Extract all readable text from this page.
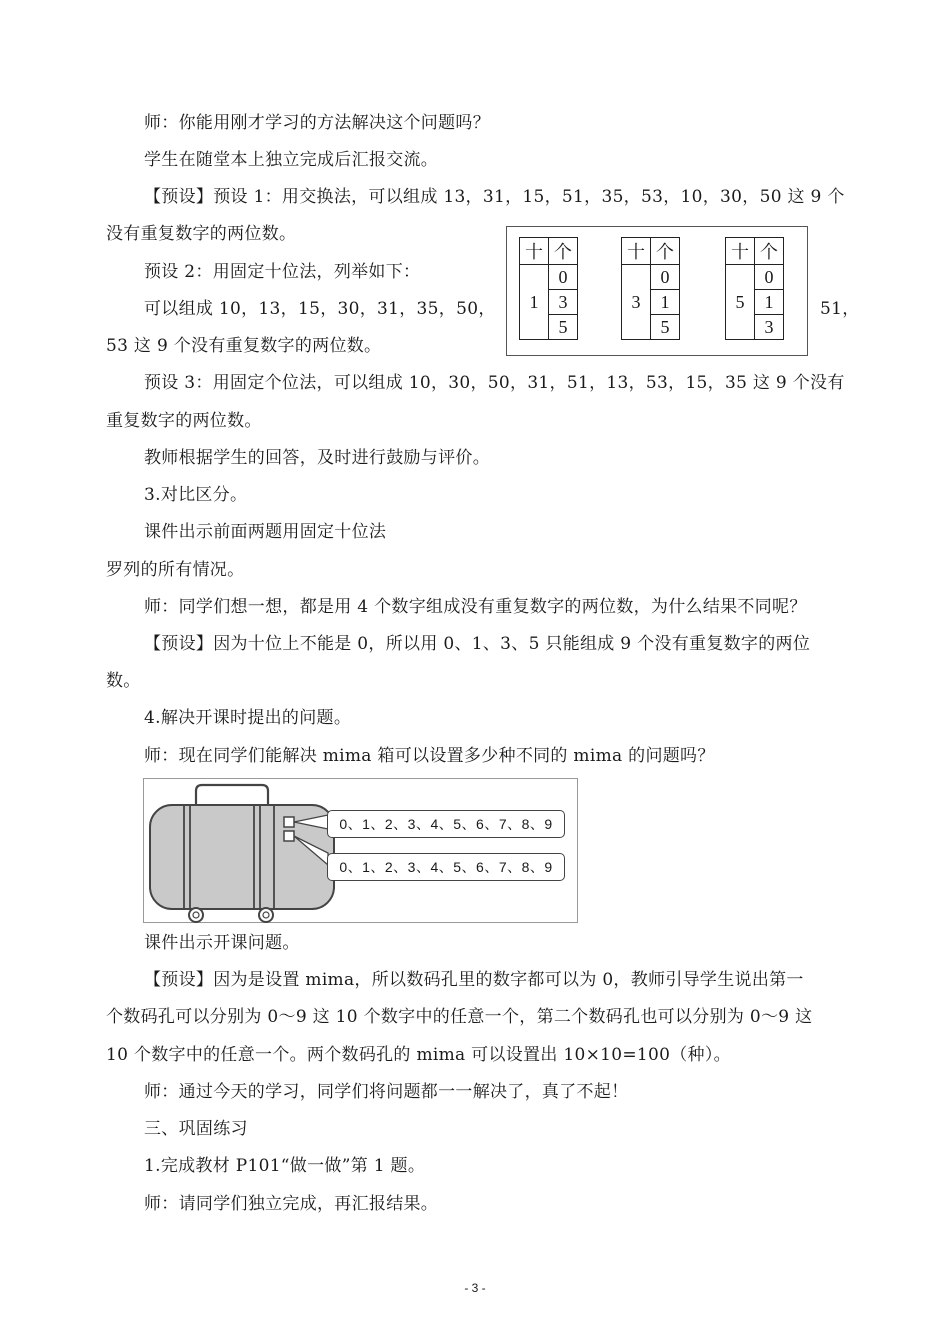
师：你能用刚才学习的方法解决这个问题吗？
学生在随堂本上独立完成后汇报交流。
【预设】预设 1：用交换法，可以组成 13，31，15，51，35，53，10，30，50 这 9 个
没有重复数字的两位数。
预设 2：用固定十位法，列举如下：
可以组成 10，13，15，30，31，35，50，	51，
53 这 9 个没有重复数字的两位数。
预设 3：用固定个位法，可以组成 10，30，50，31，51，13，53，15，35 这 9 个没有
重复数字的两位数。
教师根据学生的回答，及时进行鼓励与评价。
3.对比区分。
课件出示前面两题用固定十位法
罗列的所有情况。
师：同学们想一想，都是用 4 个数字组成没有重复数字的两位数，为什么结果不同呢？
【预设】因为十位上不能是 0，所以用 0、1、3、5 只能组成 9 个没有重复数字的两位
数。
4.解决开课时提出的问题。
师：现在同学们能解决 mima 箱可以设置多少种不同的 mima 的问题吗？
课件出示开课问题。
【预设】因为是设置 mima，所以数码孔里的数字都可以为 0，教师引导学生说出第一
个数码孔可以分别为 0～9 这 10 个数字中的任意一个，第二个数码孔也可以分别为 0～9 这
10 个数字中的任意一个。两个数码孔的 mima 可以设置出 10×10=100（种）。
师：通过今天的学习，同学们将问题都一一解决了，真了不起！
三、巩固练习
1.完成教材 P101“做一做”第 1 题。
师：请同学们独立完成，再汇报结果。
十	个
1	0
	3
	5
十	个
3	0
	1
	5
十	个
5	0
	1
	3
0、1、2、3、4、5、6、7、8、9
0、1、2、3、4、5、6、7、8、9
- 3 -
